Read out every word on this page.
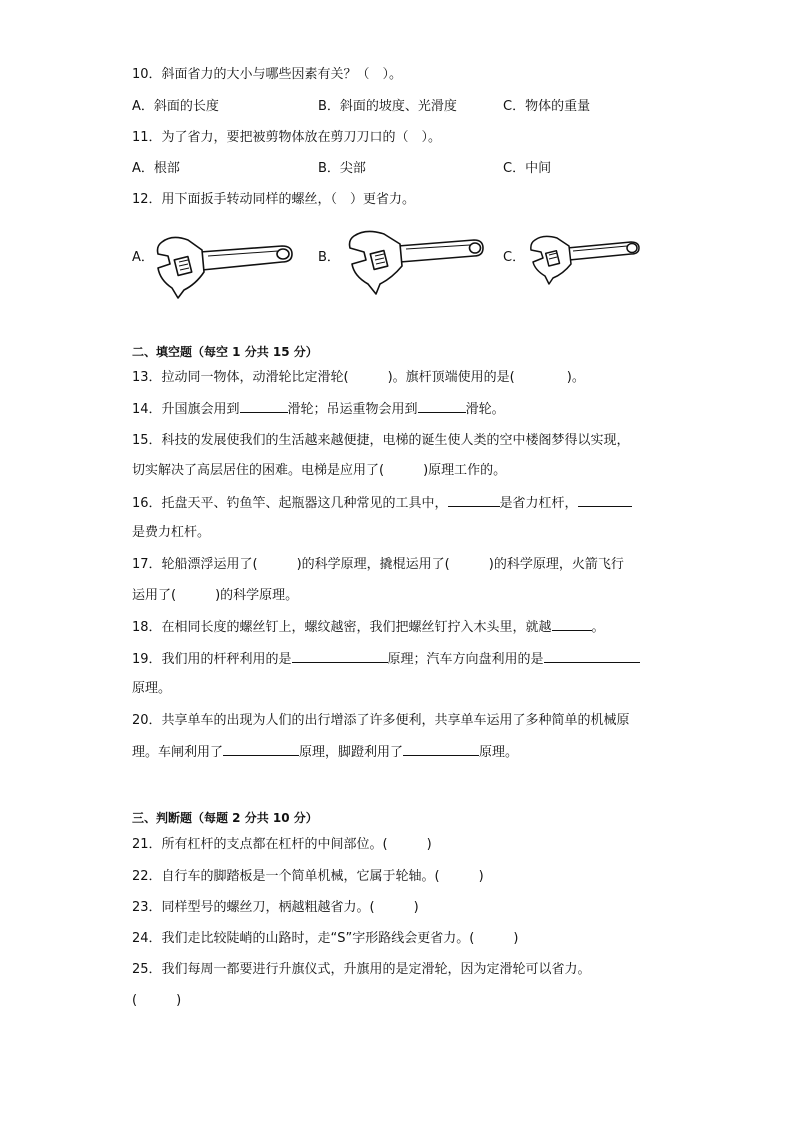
10．斜面省力的大小与哪些因素有关？（　）。
A．斜面的长度	B．斜面的坡度、光滑度	C．物体的重量
11．为了省力，要把被剪物体放在剪刀刀口的（　）。
A．根部	B．尖部	C．中间
12．用下面扳手转动同样的螺丝，（　）更省力。
A．	B．	C．
二、填空题（每空 1 分共 15 分）
13．拉动同一物体，动滑轮比定滑轮(　　　)。旗杆顶端使用的是(　　　　)。
14．升国旗会用到	滑轮；吊运重物会用到	滑轮。
15．科技的发展使我们的生活越来越便捷，电梯的诞生使人类的空中楼阁梦得以实现，
切实解决了高层居住的困难。电梯是应用了(　　　)原理工作的。
16．托盘天平、钓鱼竿、起瓶器这几种常见的工具中，	是省力杠杆，
是费力杠杆。
17．轮船漂浮运用了(　　　)的科学原理，撬棍运用了(　　　)的科学原理，火箭飞行
运用了(　　　)的科学原理。
18．在相同长度的螺丝钉上，螺纹越密，我们把螺丝钉拧入木头里，就越	。
19．我们用的杆秤利用的是	原理；汽车方向盘利用的是
原理。
20．共享单车的出现为人们的出行增添了许多便利，共享单车运用了多种简单的机械原
理。车闸利用了	原理，脚蹬利用了	原理。
三、判断题（每题 2 分共 10 分）
21．所有杠杆的支点都在杠杆的中间部位。(　　　)
22．自行车的脚踏板是一个简单机械，它属于轮轴。(　　　)
23．同样型号的螺丝刀，柄越粗越省力。(　　　)
24．我们走比较陡峭的山路时，走“S”字形路线会更省力。(　　　)
25．我们每周一都要进行升旗仪式，升旗用的是定滑轮，因为定滑轮可以省力。
(　　　)
